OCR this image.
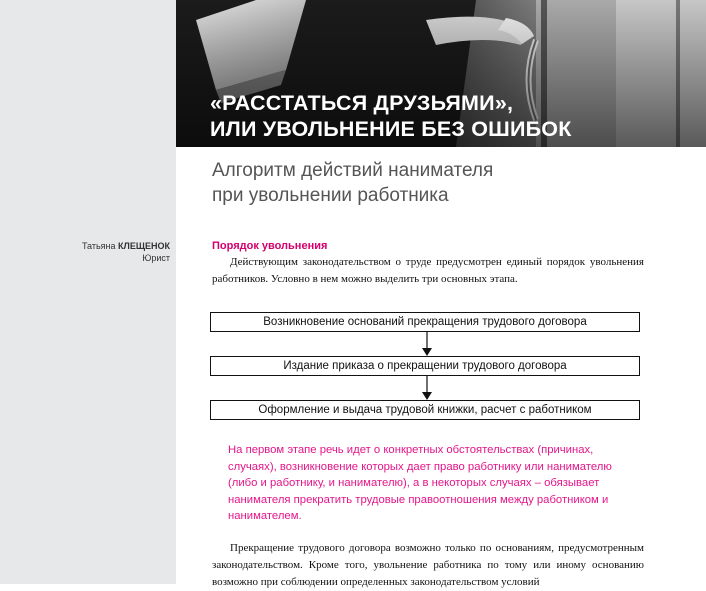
Татьяна КЛЕЩЕНОК
Юрист
«РАССТАТЬСЯ ДРУЗЬЯМИ»,
ИЛИ УВОЛЬНЕНИЕ БЕЗ ОШИБОК
Алгоритм действий нанимателя
при увольнении работника
Порядок увольнения

Действующим законодательством о труде предусмотрен единый порядок увольнения работников. Условно в нем можно выделить три основных этапа.

Возникновение оснований прекращения трудового договора
Издание приказа о прекращении трудового договора
Оформление и выдача трудовой книжки, расчет с работником

На первом этапе речь идет о конкретных обстоятельствах (причинах, случаях), возникновение которых дает право работнику или нанимателю (либо и работнику, и нанимателю), а в некоторых случаях – обязывает нанимателя прекратить трудовые правоотношения между работником и нанимателем.

Прекращение трудового договора возможно только по основаниям, предусмотренным законодательством. Кроме того, увольнение работника по тому или иному основанию возможно при соблюдении определенных законодательством условий
